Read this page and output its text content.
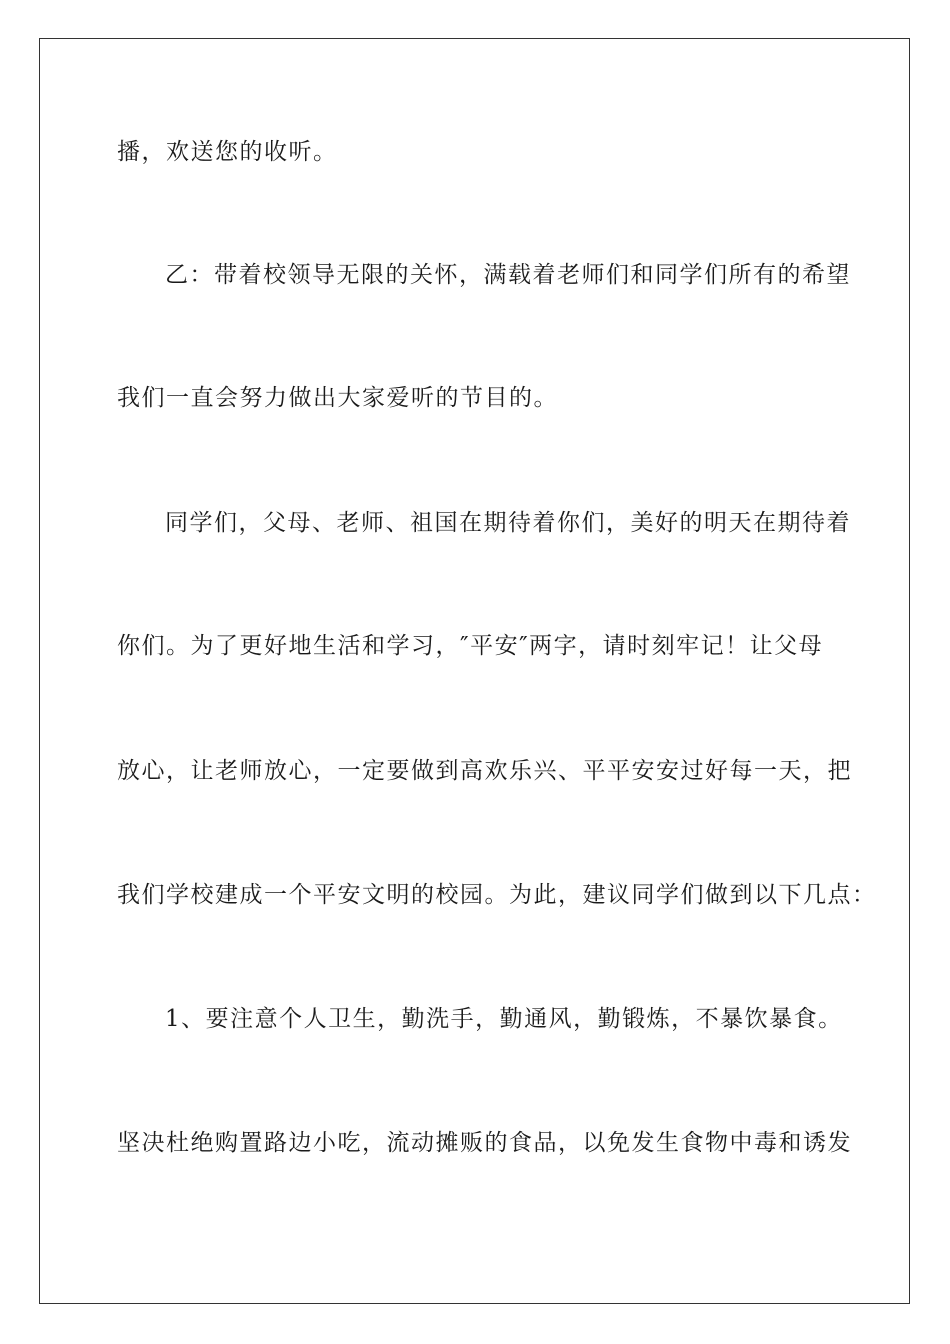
播，欢送您的收听。
乙：带着校领导无限的关怀，满载着老师们和同学们所有的希望
我们一直会努力做出大家爱听的节目的。
同学们，父母、老师、祖国在期待着你们，美好的明天在期待着
你们。为了更好地生活和学习，″平安″两字，请时刻牢记！让父母
放心，让老师放心，一定要做到高欢乐兴、平平安安过好每一天，把
我们学校建成一个平安文明的校园。为此，建议同学们做到以下几点：
1、要注意个人卫生，勤洗手，勤通风，勤锻炼，不暴饮暴食。
坚决杜绝购置路边小吃，流动摊贩的食品，以免发生食物中毒和诱发
